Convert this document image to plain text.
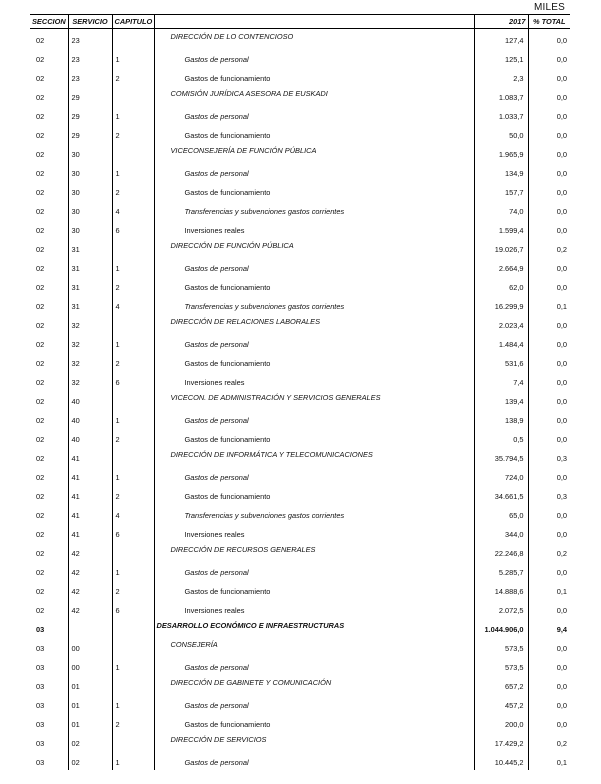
MILES
SECCION	SERVICIO	CAPITULO		2017	% TOTAL
02	23		DIRECCIÓN DE LO CONTENCIOSO	127,4	0,0
02	23	1	Gastos de personal	125,1	0,0
02	23	2	Gastos de funcionamiento	2,3	0,0
02	29		COMISIÓN JURÍDICA ASESORA DE EUSKADI	1.083,7	0,0
02	29	1	Gastos de personal	1.033,7	0,0
02	29	2	Gastos de funcionamiento	50,0	0,0
02	30		VICECONSEJERÍA DE FUNCIÓN PÚBLICA	1.965,9	0,0
02	30	1	Gastos de personal	134,9	0,0
02	30	2	Gastos de funcionamiento	157,7	0,0
02	30	4	Transferencias y subvenciones gastos corrientes	74,0	0,0
02	30	6	Inversiones reales	1.599,4	0,0
02	31		DIRECCIÓN DE FUNCIÓN PÚBLICA	19.026,7	0,2
02	31	1	Gastos de personal	2.664,9	0,0
02	31	2	Gastos de funcionamiento	62,0	0,0
02	31	4	Transferencias y subvenciones gastos corrientes	16.299,9	0,1
02	32		DIRECCIÓN DE RELACIONES LABORALES	2.023,4	0,0
02	32	1	Gastos de personal	1.484,4	0,0
02	32	2	Gastos de funcionamiento	531,6	0,0
02	32	6	Inversiones reales	7,4	0,0
02	40		VICECON. DE ADMINISTRACIÓN Y SERVICIOS GENERALES	139,4	0,0
02	40	1	Gastos de personal	138,9	0,0
02	40	2	Gastos de funcionamiento	0,5	0,0
02	41		DIRECCIÓN DE INFORMÁTICA Y TELECOMUNICACIONES	35.794,5	0,3
02	41	1	Gastos de personal	724,0	0,0
02	41	2	Gastos de funcionamiento	34.661,5	0,3
02	41	4	Transferencias y subvenciones gastos corrientes	65,0	0,0
02	41	6	Inversiones reales	344,0	0,0
02	42		DIRECCIÓN DE RECURSOS GENERALES	22.246,8	0,2
02	42	1	Gastos de personal	5.285,7	0,0
02	42	2	Gastos de funcionamiento	14.888,6	0,1
02	42	6	Inversiones reales	2.072,5	0,0
03			DESARROLLO ECONÓMICO E INFRAESTRUCTURAS	1.044.906,0	9,4
03	00		CONSEJERÍA	573,5	0,0
03	00	1	Gastos de personal	573,5	0,0
03	01		DIRECCIÓN DE GABINETE Y COMUNICACIÓN	657,2	0,0
03	01	1	Gastos de personal	457,2	0,0
03	01	2	Gastos de funcionamiento	200,0	0,0
03	02		DIRECCIÓN DE SERVICIOS	17.429,2	0,2
03	02	1	Gastos de personal	10.445,2	0,1
